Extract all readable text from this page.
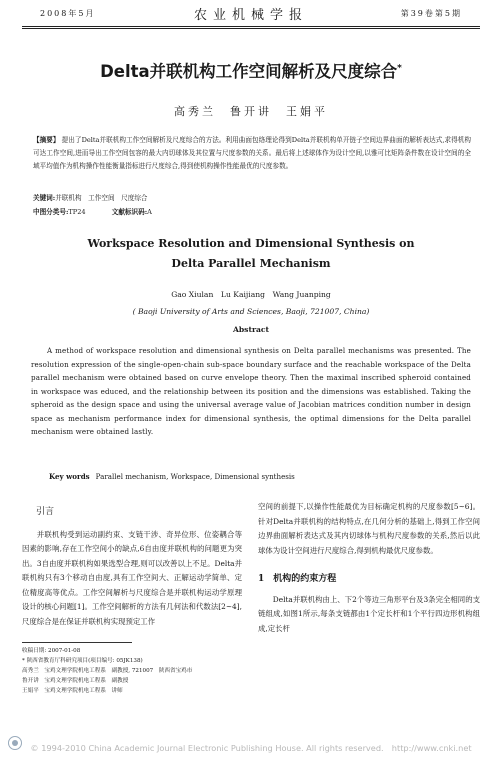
2008年5月	农业机械学报	第39卷第5期
Delta并联机构工作空间解析及尺度综合*
高秀兰　鲁开讲　王娟平
【摘要】 提出了Delta并联机构工作空间解析及尺度综合的方法。利用曲面包络理论得到Delta并联机构单开链子空间边界曲面的解析表达式,求得机构可达工作空间,进而导出工作空间包容的最大内切球体及其位置与尺度参数的关系。最后将上述球体作为设计空间,以雅可比矩阵条件数在设计空间的全域平均值作为机构操作性能衡量指标进行尺度综合,得到使机构操作性能最优的尺度参数。
关键词:并联机构　工作空间　尺度综合
中图分类号:TP24	文献标识码:A
Workspace Resolution and Dimensional Synthesis on
Delta Parallel Mechanism
Gao Xiulan　Lu Kaijiang　Wang Juanping
( Baoji University of Arts and Sciences, Baoji, 721007, China)
Abstract
A method of workspace resolution and dimensional synthesis on Delta parallel mechanisms was presented. The resolution expression of the single-open-chain sub-space boundary surface and the reachable workspace of the Delta parallel mechanism were obtained based on curve envelope theory. Then the maximal inscribed spheroid contained in workspace was educed, and the relationship between its position and the dimensions was established. Taking the spheroid as the design space and using the universal average value of Jacobian matrices condition number in design space as mechanism performance index for dimensional synthesis, the optimal dimensions for the Delta parallel mechanism were obtained lastly.
Key words Parallel mechanism, Workspace, Dimensional synthesis
引言

并联机构受到运动副约束、支链干涉、奇异位形、位姿耦合等因素的影响,存在工作空间小的缺点,6自由度并联机构的问题更为突出。3自由度并联机构如果选型合理,则可以改善以上不足。Delta并联机构只有3个移动自由度,具有工作空间大、正解运动学简单、定位精度高等优点。工作空间解析与尺度综合是并联机构运动学原理设计的核心问题[1]。工作空间解析的方法有几何法和代数法[2~4],尺度综合是在保证并联机构实现预定工作

空间的前提下,以操作性能最优为目标确定机构的尺度参数[5~6]。针对Delta并联机构的结构特点,在几何分析的基础上,得到工作空间边界曲面解析表达式及其内切球体与机构尺度参数的关系,然后以此球体为设计空间进行尺度综合,得到机构最优尺度参数。
1　机构的约束方程

Delta并联机构由上、下2个等边三角形平台及3条完全相同的支链组成,如图1所示,每条支链都由1个定长杆和1个平行四边形机构组成,定长杆

收稿日期: 2007-01-08
* 陕西省教育厅科研究项目(项目编号: 05JK138)
高秀兰　宝鸡文理学院机电工程系　副教授, 721007　陕西省宝鸡市
鲁开讲　宝鸡文理学院机电工程系　副教授
王娟平　宝鸡文理学院机电工程系　讲师
© 1994-2010 China Academic Journal Electronic Publishing House. All rights reserved.　http://www.cnki.net
